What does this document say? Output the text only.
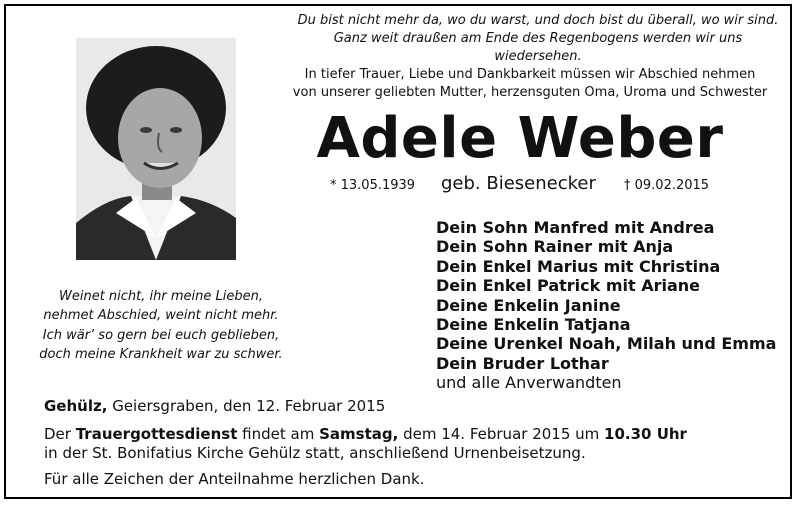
Du bist nicht mehr da, wo du warst, und doch bist du überall, wo wir sind.
Ganz weit draußen am Ende des Regenbogens werden wir uns wiedersehen.
In tiefer Trauer, Liebe und Dankbarkeit müssen wir Abschied nehmen
von unserer geliebten Mutter, herzensguten Oma, Uroma und Schwester
Adele Weber
* 13.05.1939 geb. Biesenecker † 09.02.2015
Dein Sohn Manfred mit Andrea
Dein Sohn Rainer mit Anja
Dein Enkel Marius mit Christina
Dein Enkel Patrick mit Ariane
Deine Enkelin Janine
Deine Enkelin Tatjana
Deine Urenkel Noah, Milah und Emma
Dein Bruder Lothar
und alle Anverwandten
Weinet nicht, ihr meine Lieben,
nehmet Abschied, weint nicht mehr.
Ich wär’ so gern bei euch geblieben,
doch meine Krankheit war zu schwer.
Gehülz, Geiersgraben, den 12. Februar 2015
Der Trauergottesdienst findet am Samstag, dem 14. Februar 2015 um 10.30 Uhr
in der St. Bonifatius Kirche Gehülz statt, anschließend Urnenbeisetzung.
Für alle Zeichen der Anteilnahme herzlichen Dank.
